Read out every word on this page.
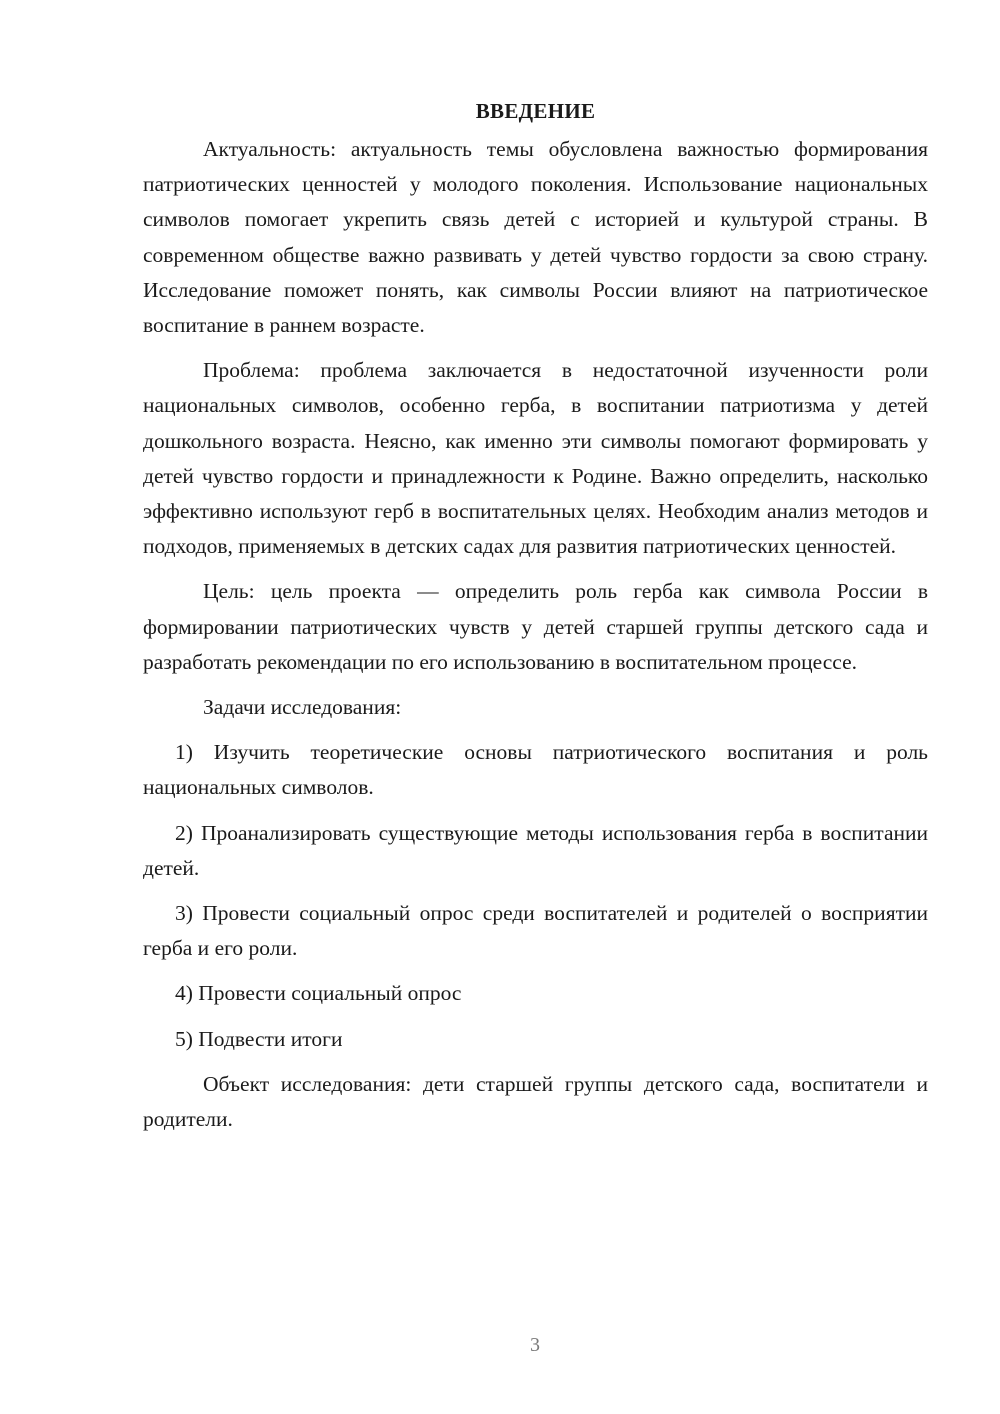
ВВЕДЕНИЕ

Актуальность: актуальность темы обусловлена важностью формирования патриотических ценностей у молодого поколения. Использование национальных символов помогает укрепить связь детей с историей и культурой страны. В современном обществе важно развивать у детей чувство гордости за свою страну. Исследование поможет понять, как символы России влияют на патриотическое воспитание в раннем возрасте.

Проблема: проблема заключается в недостаточной изученности роли национальных символов, особенно герба, в воспитании патриотизма у детей дошкольного возраста. Неясно, как именно эти символы помогают формировать у детей чувство гордости и принадлежности к Родине. Важно определить, насколько эффективно используют герб в воспитательных целях. Необходим анализ методов и подходов, применяемых в детских садах для развития патриотических ценностей.

Цель: цель проекта — определить роль герба как символа России в формировании патриотических чувств у детей старшей группы детского сада и разработать рекомендации по его использованию в воспитательном процессе.

Задачи исследования:

1) Изучить теоретические основы патриотического воспитания и роль национальных символов.

2) Проанализировать существующие методы использования герба в воспитании детей.

3) Провести социальный опрос среди воспитателей и родителей о восприятии герба и его роли.

4) Провести социальный опрос

5) Подвести итоги

Объект исследования: дети старшей группы детского сада, воспитатели и родители.

3
